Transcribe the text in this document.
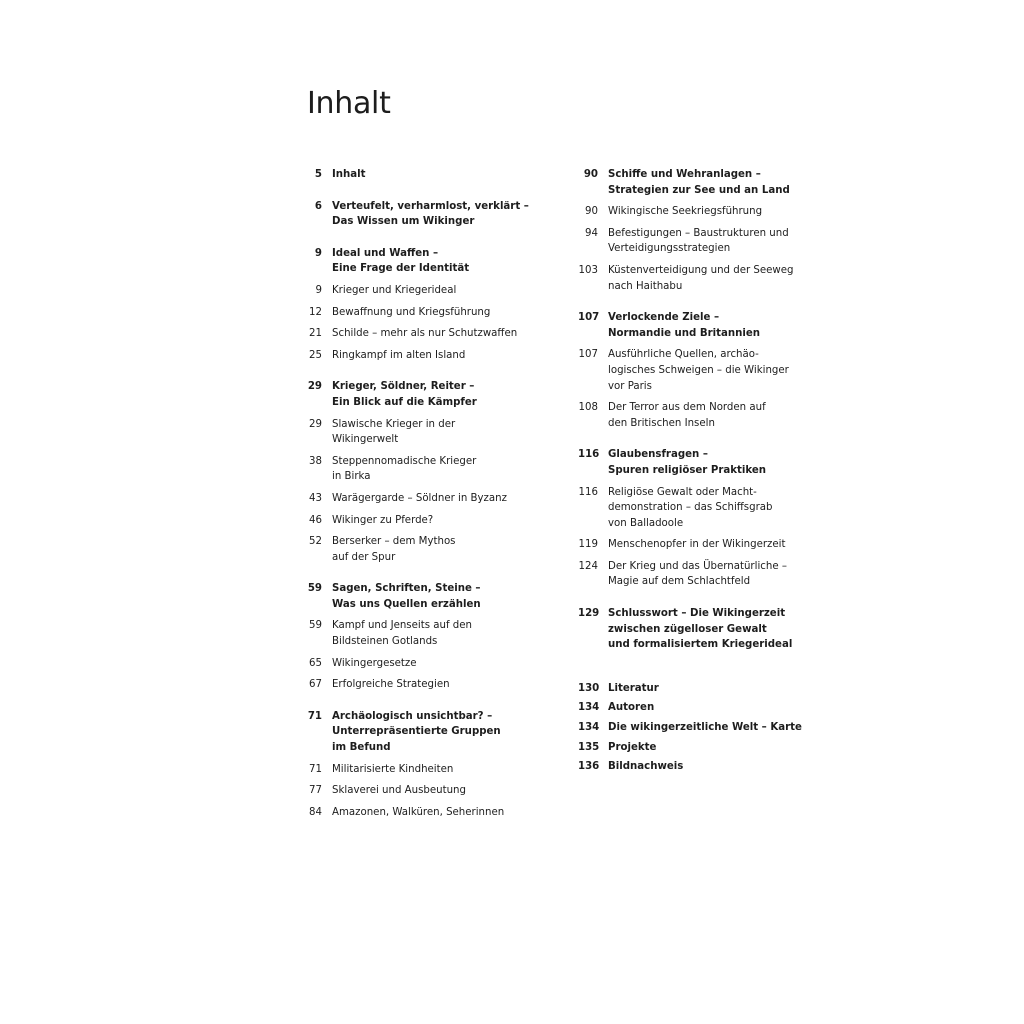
Inhalt
5 Inhalt
6 Verteufelt, verharmlost, verklärt –
Das Wissen um Wikinger
9 Ideal und Waffen –
Eine Frage der Identität
9 Krieger und Kriegerideal
12 Bewaffnung und Kriegsführung
21 Schilde – mehr als nur Schutzwaffen
25 Ringkampf im alten Island
29 Krieger, Söldner, Reiter –
Ein Blick auf die Kämpfer
29 Slawische Krieger in der
Wikingerwelt
38 Steppennomadische Krieger
in Birka
43 Warägergarde – Söldner in Byzanz
46 Wikinger zu Pferde?
52 Berserker – dem Mythos
auf der Spur
59 Sagen, Schriften, Steine –
Was uns Quellen erzählen
59 Kampf und Jenseits auf den
Bildsteinen Gotlands
65 Wikingergesetze
67 Erfolgreiche Strategien
71 Archäologisch unsichtbar? –
Unterrepräsentierte Gruppen
im Befund
71 Militarisierte Kindheiten
77 Sklaverei und Ausbeutung
84 Amazonen, Walküren, Seherinnen
90 Schiffe und Wehranlagen –
Strategien zur See und an Land
90 Wikingische Seekriegsführung
94 Befestigungen – Baustrukturen und
Verteidigungsstrategien
103 Küstenverteidigung und der Seeweg
nach Haithabu
107 Verlockende Ziele –
Normandie und Britannien
107 Ausführliche Quellen, archäo-
logisches Schweigen – die Wikinger
vor Paris
108 Der Terror aus dem Norden auf
den Britischen Inseln
116 Glaubensfragen –
Spuren religiöser Praktiken
116 Religiöse Gewalt oder Macht-
demonstration – das Schiffsgrab
von Balladoole
119 Menschenopfer in der Wikingerzeit
124 Der Krieg und das Übernatürliche –
Magie auf dem Schlachtfeld
129 Schlusswort – Die Wikingerzeit
zwischen zügelloser Gewalt
und formalisiertem Kriegerideal
130 Literatur
134 Autoren
134 Die wikingerzeitliche Welt – Karte
135 Projekte
136 Bildnachweis
